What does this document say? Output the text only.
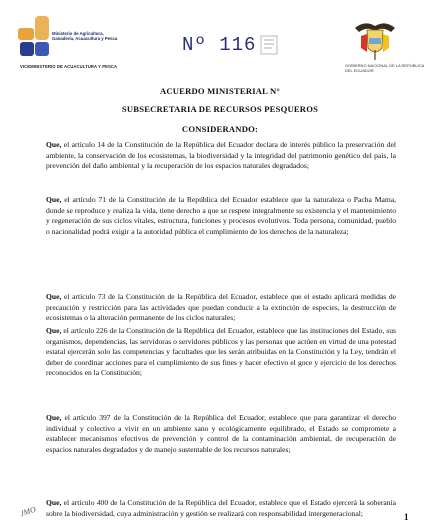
Ministerio de Agricultura, Ganadería, Acuacultura y Pesca
VICEMINISTERIO DE ACUACULTURA Y PESCA
Nº 116
GOBIERNO NACIONAL DE LA REPÚBLICA DEL ECUADOR
ACUERDO MINISTERIAL N°
SUBSECRETARIA DE RECURSOS PESQUEROS
CONSIDERANDO:

Que, el artículo 14 de la Constitución de la República del Ecuador declara de interés público la preservación del ambiente, la conservación de los ecosistemas, la biodiversidad y la integridad del patrimonio genético del país, la prevención del daño ambiental y la recuperación de los espacios naturales degradados;

Que, el artículo 71 de la Constitución de la República del Ecuador establece que la naturaleza o Pacha Mama, donde se reproduce y realiza la vida, tiene derecho a que se respete integralmente su existencia y el mantenimiento y regeneración de sus ciclos vitales, estructura, funciones y procesos evolutivos. Toda persona, comunidad, pueblo o nacionalidad podrá exigir a la autoridad pública el cumplimiento de los derechos de la naturaleza;

Que, el artículo 73 de la Constitución de la República del Ecuador, establece que el estado aplicará medidas de precaución y restricción para las actividades que puedan conducir a la extinción de especies, la destrucción de ecosistemas o la alteración permanente de los ciclos naturales;

Que, el artículo 226 de la Constitución de la República del Ecuador, establece que las instituciones del Estado, sus organismos, dependencias, las servidoras o servidores públicos y las personas que actúen en virtud de una potestad estatal ejercerán solo las competencias y facultades que les serán atribuidas en la Constitución y la Ley, tendrán el deber de coordinar acciones para el cumplimiento de sus fines y hacer efectivo el goce y ejercicio de los derechos reconocidos en la Constitución;

Que, el artículo 397 de la Constitución de la República del Ecuador, establece que para garantizar el derecho individual y colectivo a vivir en un ambiente sano y ecológicamente equilibrado, el Estado se compromete a establecer mecanismos efectivos de prevención y control de la contaminación ambiental, de recuperación de espacios naturales degradados y de manejo sustentable de los recursos naturales;

Que, el artículo 400 de la Constitución de la República del Ecuador, establece que el Estado ejercerá la soberanía sobre la biodiversidad, cuya administración y gestión se realizará con responsabilidad intergeneracional;

JMO	1
